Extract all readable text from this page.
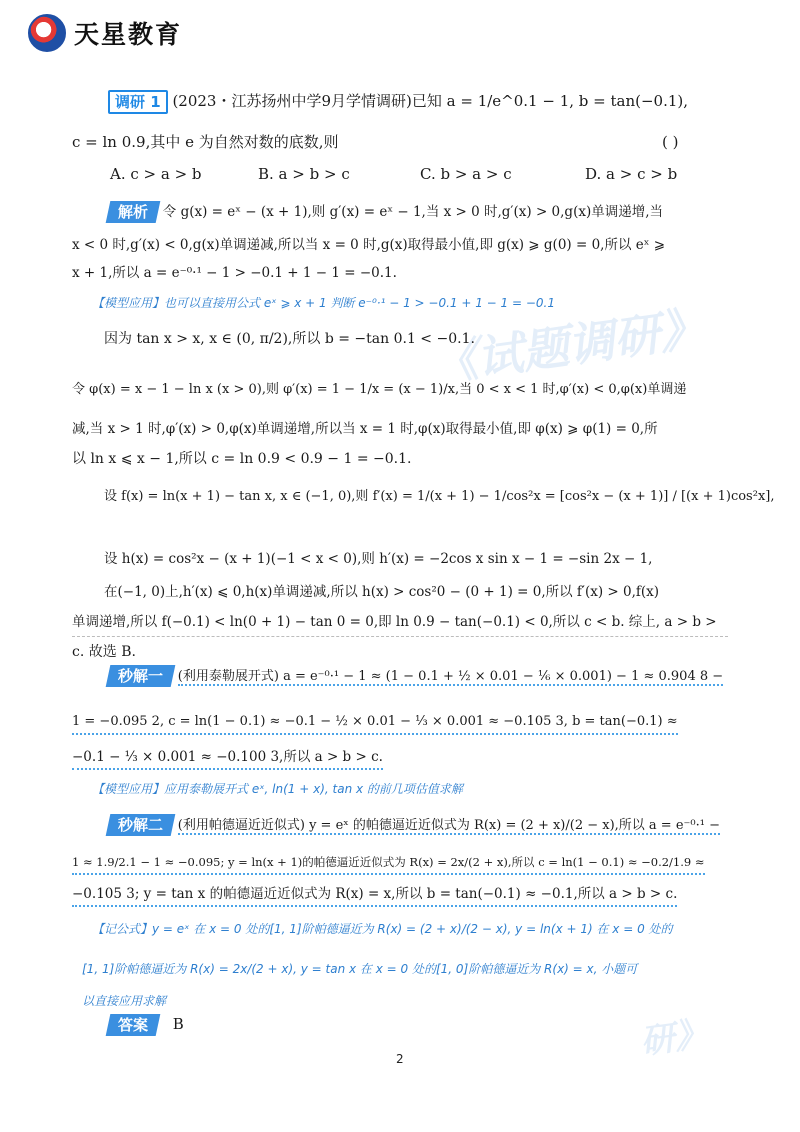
天星教育
《试题调研》
研》
调研 1 (2023・江苏扬州中学9月学情调研)已知 a = 1/e^0.1 − 1, b = tan(−0.1),
c = ln 0.9,其中 e 为自然对数的底数,则	( )
A. c > a > b	B. a > b > c	C. b > a > c	D. a > c > b
解析 令 g(x) = eˣ − (x + 1),则 g′(x) = eˣ − 1,当 x > 0 时,g′(x) > 0,g(x)单调递增,当
x < 0 时,g′(x) < 0,g(x)单调递减,所以当 x = 0 时,g(x)取得最小值,即 g(x) ⩾ g(0) = 0,所以 eˣ ⩾
x + 1,所以 a = e⁻⁰·¹ − 1 > −0.1 + 1 − 1 = −0.1.
【模型应用】也可以直接用公式 eˣ ⩾ x + 1 判断 e⁻⁰·¹ − 1 > −0.1 + 1 − 1 = −0.1
因为 tan x > x, x ∈ (0, π/2),所以 b = −tan 0.1 < −0.1.
令 φ(x) = x − 1 − ln x (x > 0),则 φ′(x) = 1 − 1/x = (x − 1)/x,当 0 < x < 1 时,φ′(x) < 0,φ(x)单调递
减,当 x > 1 时,φ′(x) > 0,φ(x)单调递增,所以当 x = 1 时,φ(x)取得最小值,即 φ(x) ⩾ φ(1) = 0,所
以 ln x ⩽ x − 1,所以 c = ln 0.9 < 0.9 − 1 = −0.1.
设 f(x) = ln(x + 1) − tan x, x ∈ (−1, 0),则 f′(x) = 1/(x + 1) − 1/cos²x = [cos²x − (x + 1)] / [(x + 1)cos²x],
设 h(x) = cos²x − (x + 1)(−1 < x < 0),则 h′(x) = −2cos x sin x − 1 = −sin 2x − 1,
在(−1, 0)上,h′(x) ⩽ 0,h(x)单调递减,所以 h(x) > cos²0 − (0 + 1) = 0,所以 f′(x) > 0,f(x)
单调递增,所以 f(−0.1) < ln(0 + 1) − tan 0 = 0,即 ln 0.9 − tan(−0.1) < 0,所以 c < b. 综上, a > b >
c. 故选 B.
秒解一 (利用泰勒展开式) a = e⁻⁰·¹ − 1 ≈ (1 − 0.1 + ½ × 0.01 − ⅙ × 0.001) − 1 ≈ 0.904 8 −
1 = −0.095 2, c = ln(1 − 0.1) ≈ −0.1 − ½ × 0.01 − ⅓ × 0.001 ≈ −0.105 3, b = tan(−0.1) ≈
−0.1 − ⅓ × 0.001 ≈ −0.100 3,所以 a > b > c.
【模型应用】应用泰勒展开式 eˣ, ln(1 + x), tan x 的前几项估值求解
秒解二 (利用帕德逼近近似式) y = eˣ 的帕德逼近近似式为 R(x) = (2 + x)/(2 − x),所以 a = e⁻⁰·¹ −
1 ≈ 1.9/2.1 − 1 ≈ −0.095; y = ln(x + 1)的帕德逼近近似式为 R(x) = 2x/(2 + x),所以 c = ln(1 − 0.1) ≈ −0.2/1.9 ≈
−0.105 3; y = tan x 的帕德逼近近似式为 R(x) = x,所以 b = tan(−0.1) ≈ −0.1,所以 a > b > c.
【记公式】y = eˣ 在 x = 0 处的[1, 1]阶帕德逼近为 R(x) = (2 + x)/(2 − x), y = ln(x + 1) 在 x = 0 处的
[1, 1]阶帕德逼近为 R(x) = 2x/(2 + x), y = tan x 在 x = 0 处的[1, 0]阶帕德逼近为 R(x) = x, 小题可
以直接应用求解
答案 B
2
